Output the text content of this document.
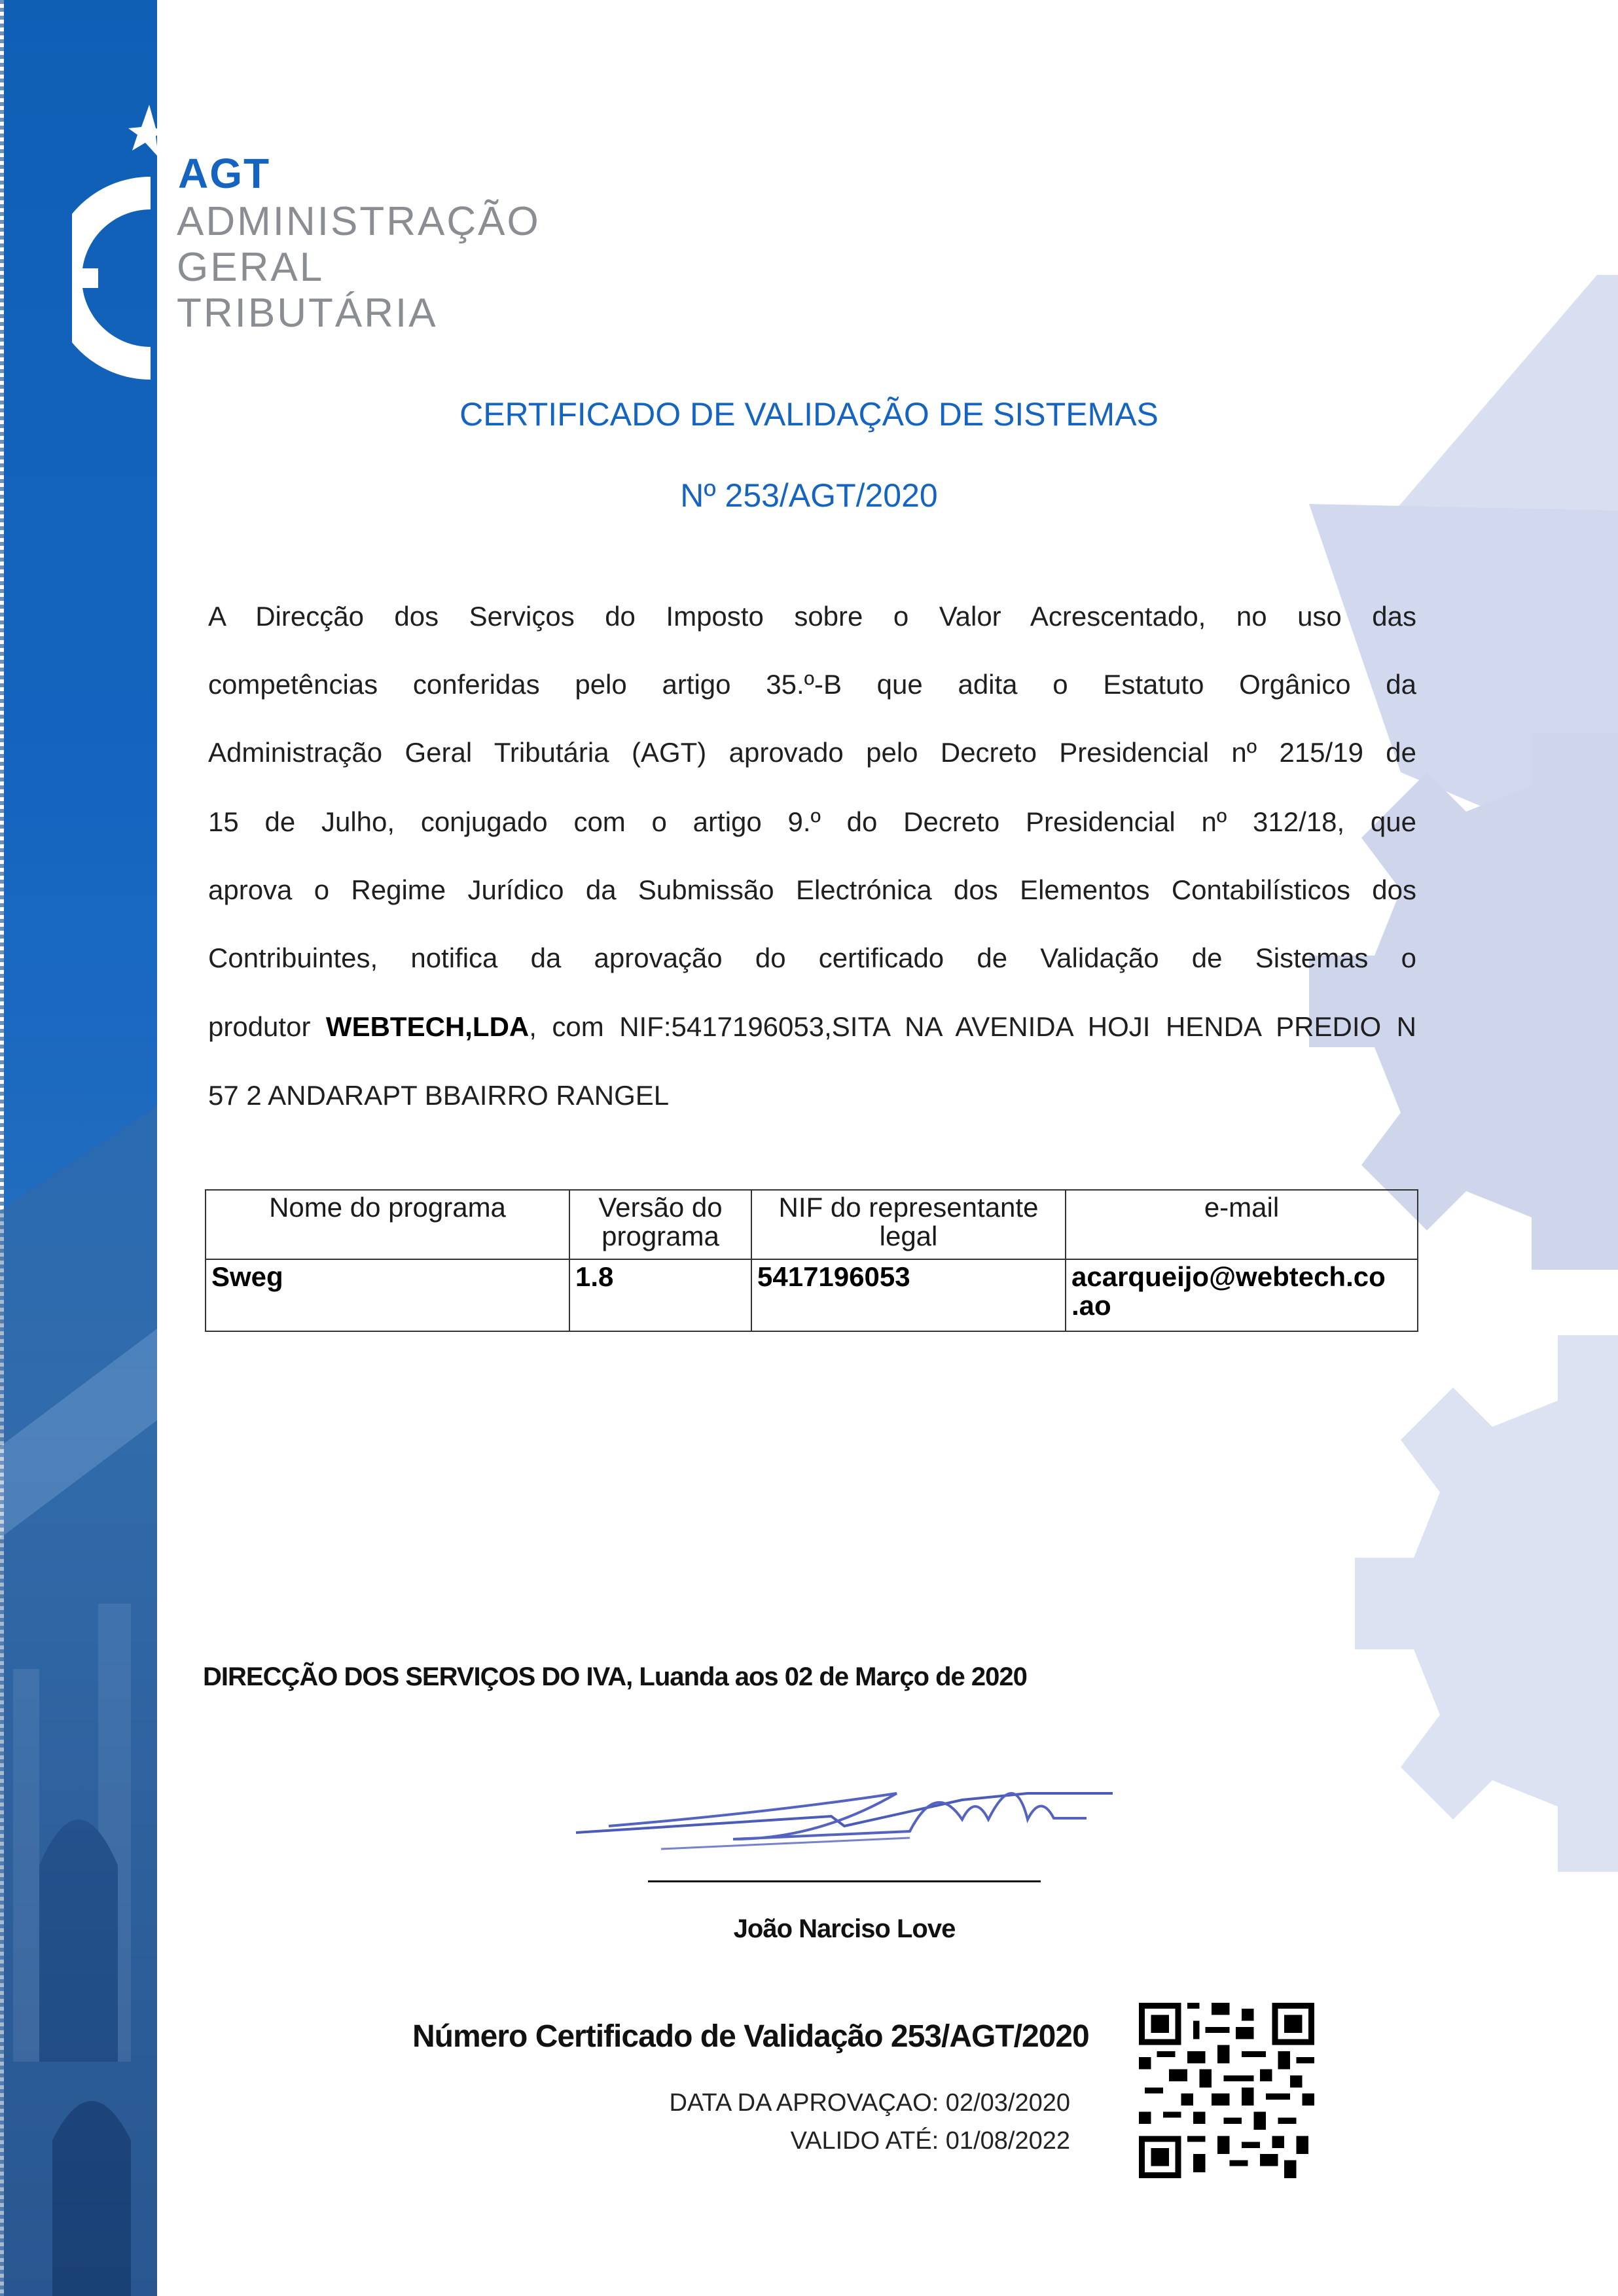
AGT
ADMINISTRAÇÃO
GERAL
TRIBUTÁRIA
CERTIFICADO DE VALIDAÇÃO DE SISTEMAS
Nº 253/AGT/2020
A Direcção dos Serviços do Imposto sobre o Valor Acrescentado, no uso das
competências conferidas pelo artigo 35.º-B que adita o Estatuto Orgânico da
Administração Geral Tributária (AGT) aprovado pelo Decreto Presidencial nº 215/19 de
15 de Julho, conjugado com o artigo 9.º do Decreto Presidencial nº 312/18, que
aprova o Regime Jurídico da Submissão Electrónica dos Elementos Contabilísticos dos
Contribuintes, notifica da aprovação do certificado de Validação de Sistemas o
produtor WEBTECH,LDA, com NIF:5417196053,SITA NA AVENIDA HOJI HENDA PREDIO N
57 2 ANDARAPT BBAIRRO RANGEL
Nome do programa	Versão do programa	NIF do representante legal	e-mail
Sweg	1.8	5417196053	acarqueijo@webtech.co .ao
DIRECÇÃO DOS SERVIÇOS DO IVA, Luanda aos 02 de Março de 2020
João Narciso Love
Número Certificado de Validação 253/AGT/2020
DATA DA APROVAÇAO: 02/03/2020
VALIDO ATÉ: 01/08/2022
